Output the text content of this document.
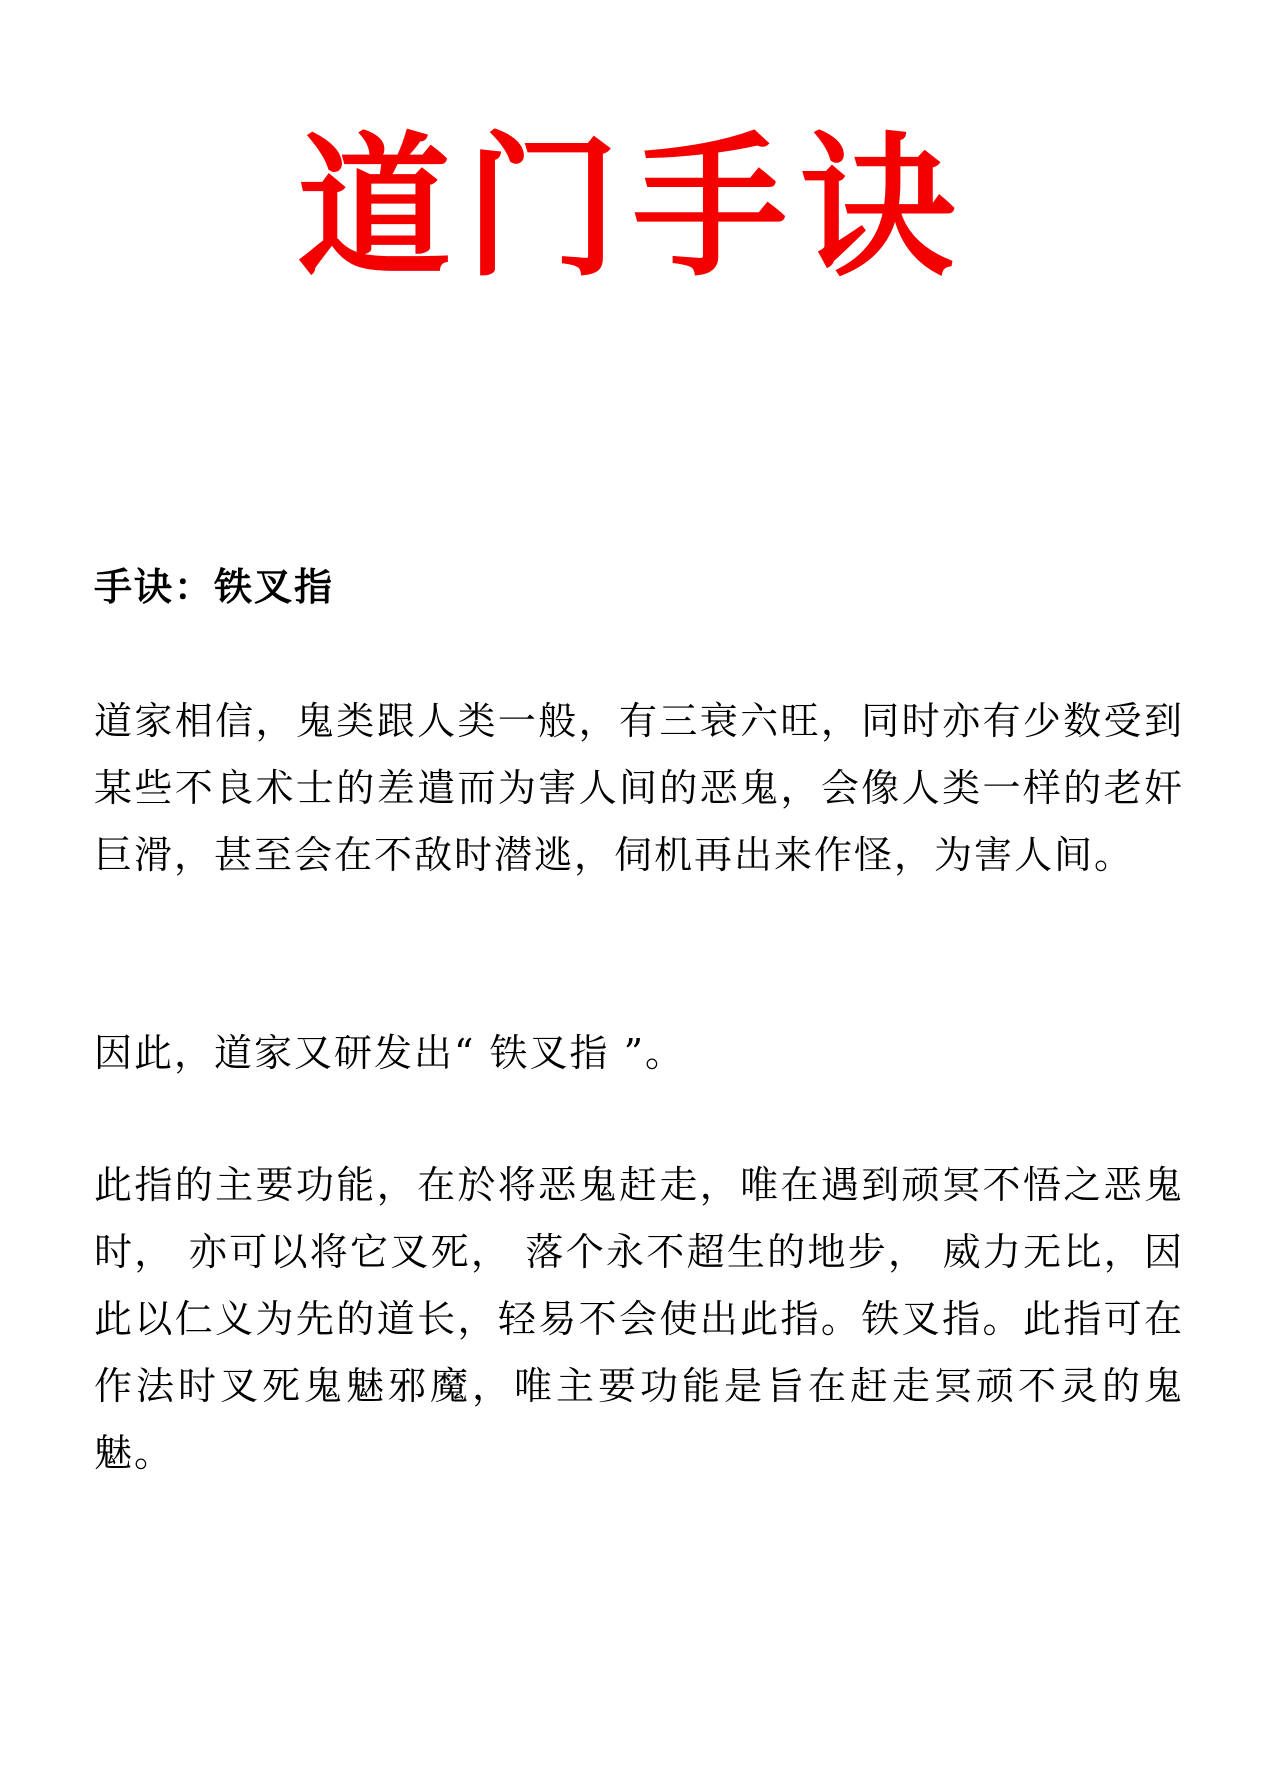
道门手诀
手诀：铁叉指

道家相信，鬼类跟人类一般，有三衰六旺，同时亦有少数受到某些不良术士的差遣而为害人间的恶鬼，会像人类一样的老奸巨滑，甚至会在不敌时潜逃，伺机再出来作怪，为害人间。

因此，道家又研发出“ 铁叉指 ”。

此指的主要功能，在於将恶鬼赶走，唯在遇到顽冥不悟之恶鬼时， 亦可以将它叉死， 落个永不超生的地步， 威力无比，因此以仁义为先的道长，轻易不会使出此指。铁叉指。此指可在作法时叉死鬼魅邪魔，唯主要功能是旨在赶走冥顽不灵的鬼魅。
